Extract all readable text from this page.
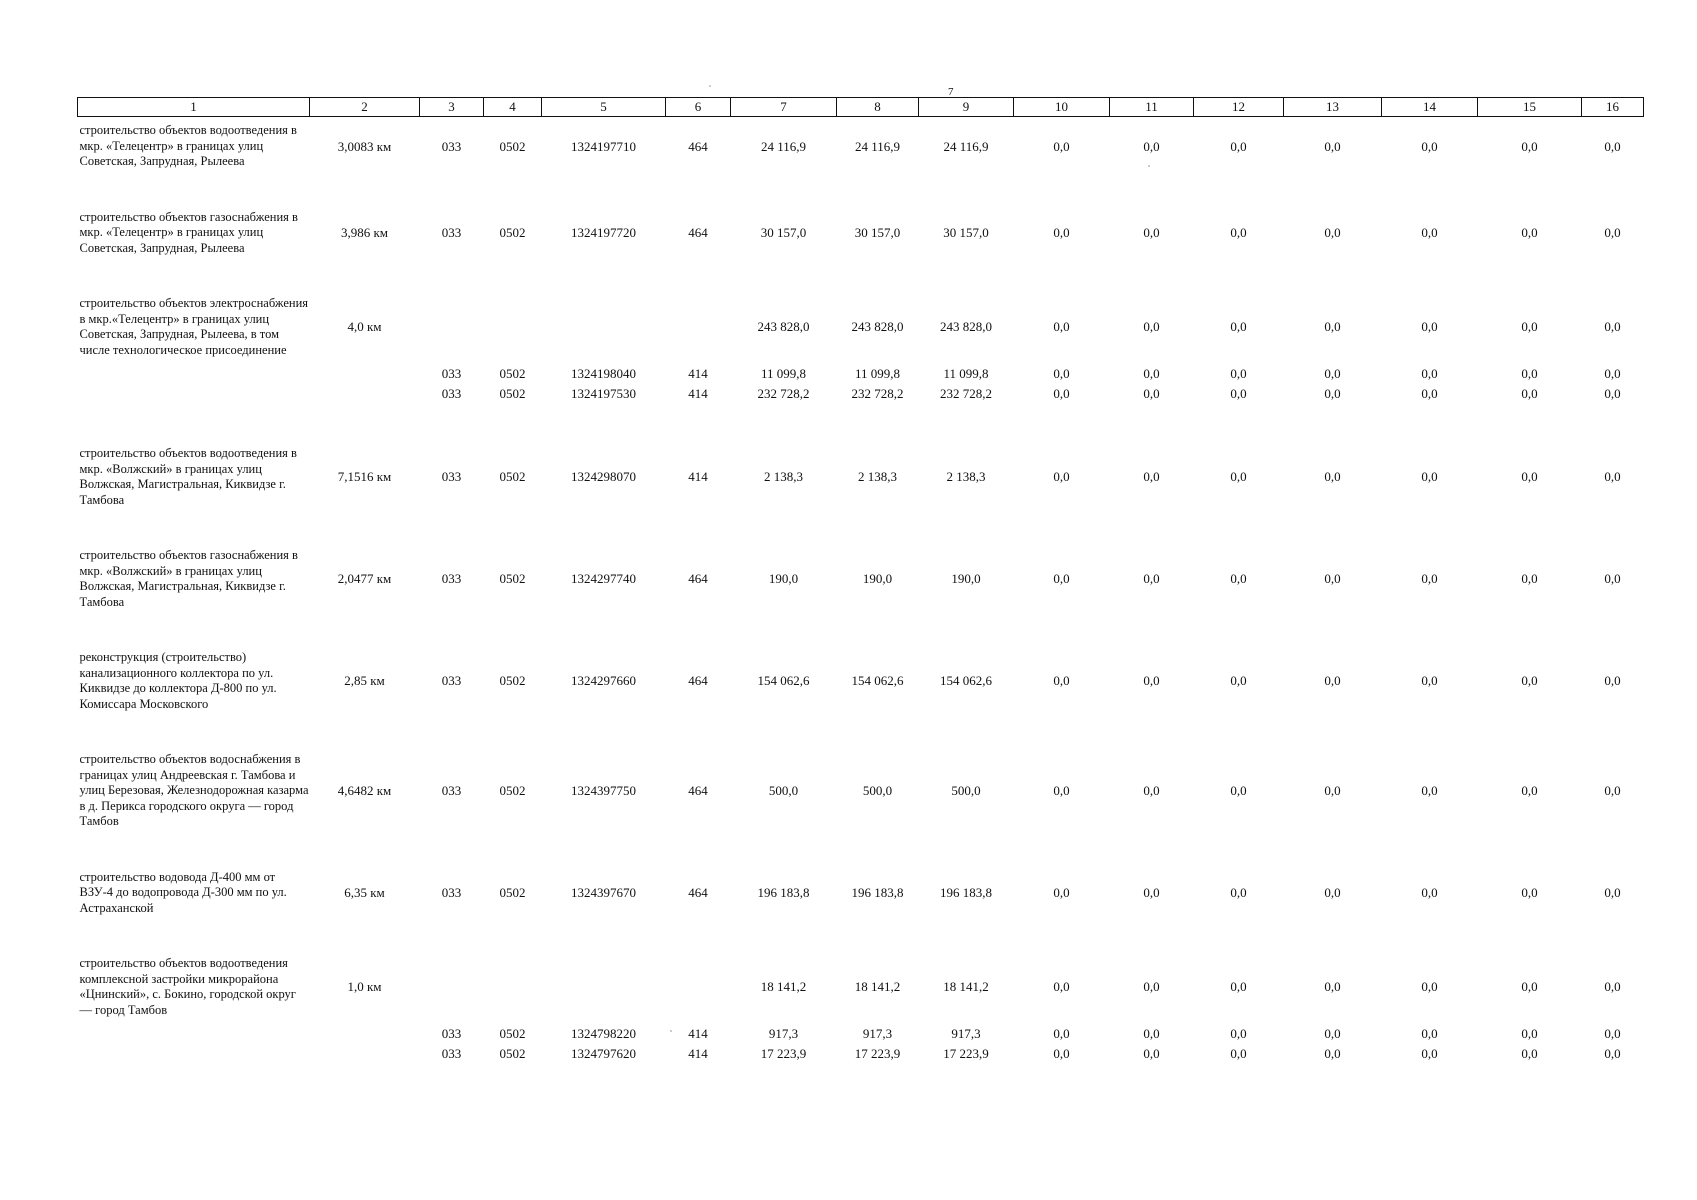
7
1	2	3	4	5	6	7	8	9	10	11	12	13	14	15	16
строительство объектов водоотведения в мкр. «Телецентр» в границах улиц Советская, Запрудная, Рылеева	3,0083 км	033	0502	1324197710	464	24 116,9	24 116,9	24 116,9	0,0	0,0	0,0	0,0	0,0	0,0	0,0
строительство объектов газоснабжения в мкр. «Телецентр» в границах улиц Советская, Запрудная, Рылеева	3,986 км	033	0502	1324197720	464	30 157,0	30 157,0	30 157,0	0,0	0,0	0,0	0,0	0,0	0,0	0,0
строительство объектов электроснабжения в мкр.«Телецентр» в границах улиц Советская, Запрудная, Рылеева, в том числе технологическое присоединение	4,0 км					243 828,0	243 828,0	243 828,0	0,0	0,0	0,0	0,0	0,0	0,0	0,0
		033	0502	1324198040	414	11 099,8	11 099,8	11 099,8	0,0	0,0	0,0	0,0	0,0	0,0	0,0
		033	0502	1324197530	414	232 728,2	232 728,2	232 728,2	0,0	0,0	0,0	0,0	0,0	0,0	0,0
строительство объектов водоотведения в мкр. «Волжский» в границах улиц Волжская, Магистральная, Киквидзе г. Тамбова	7,1516 км	033	0502	1324298070	414	2 138,3	2 138,3	2 138,3	0,0	0,0	0,0	0,0	0,0	0,0	0,0
строительство объектов газоснабжения в мкр. «Волжский» в границах улиц Волжская, Магистральная, Киквидзе г. Тамбова	2,0477 км	033	0502	1324297740	464	190,0	190,0	190,0	0,0	0,0	0,0	0,0	0,0	0,0	0,0
реконструкция (строительство) канализационного коллектора по ул. Киквидзе до коллектора Д-800 по ул. Комиссара Московского	2,85 км	033	0502	1324297660	464	154 062,6	154 062,6	154 062,6	0,0	0,0	0,0	0,0	0,0	0,0	0,0
строительство объектов водоснабжения в границах улиц Андреевская г. Тамбова и улиц Березовая, Железнодорожная казарма в д. Перикса городского округа — город Тамбов	4,6482 км	033	0502	1324397750	464	500,0	500,0	500,0	0,0	0,0	0,0	0,0	0,0	0,0	0,0
строительство водовода Д-400 мм от ВЗУ-4 до водопровода Д-300 мм по ул. Астраханской	6,35 км	033	0502	1324397670	464	196 183,8	196 183,8	196 183,8	0,0	0,0	0,0	0,0	0,0	0,0	0,0
строительство объектов водоотведения комплексной застройки микрорайона «Цнинский», с. Бокино, городской округ — город Тамбов	1,0 км					18 141,2	18 141,2	18 141,2	0,0	0,0	0,0	0,0	0,0	0,0	0,0
		033	0502	1324798220	414	917,3	917,3	917,3	0,0	0,0	0,0	0,0	0,0	0,0	0,0
		033	0502	1324797620	414	17 223,9	17 223,9	17 223,9	0,0	0,0	0,0	0,0	0,0	0,0	0,0
